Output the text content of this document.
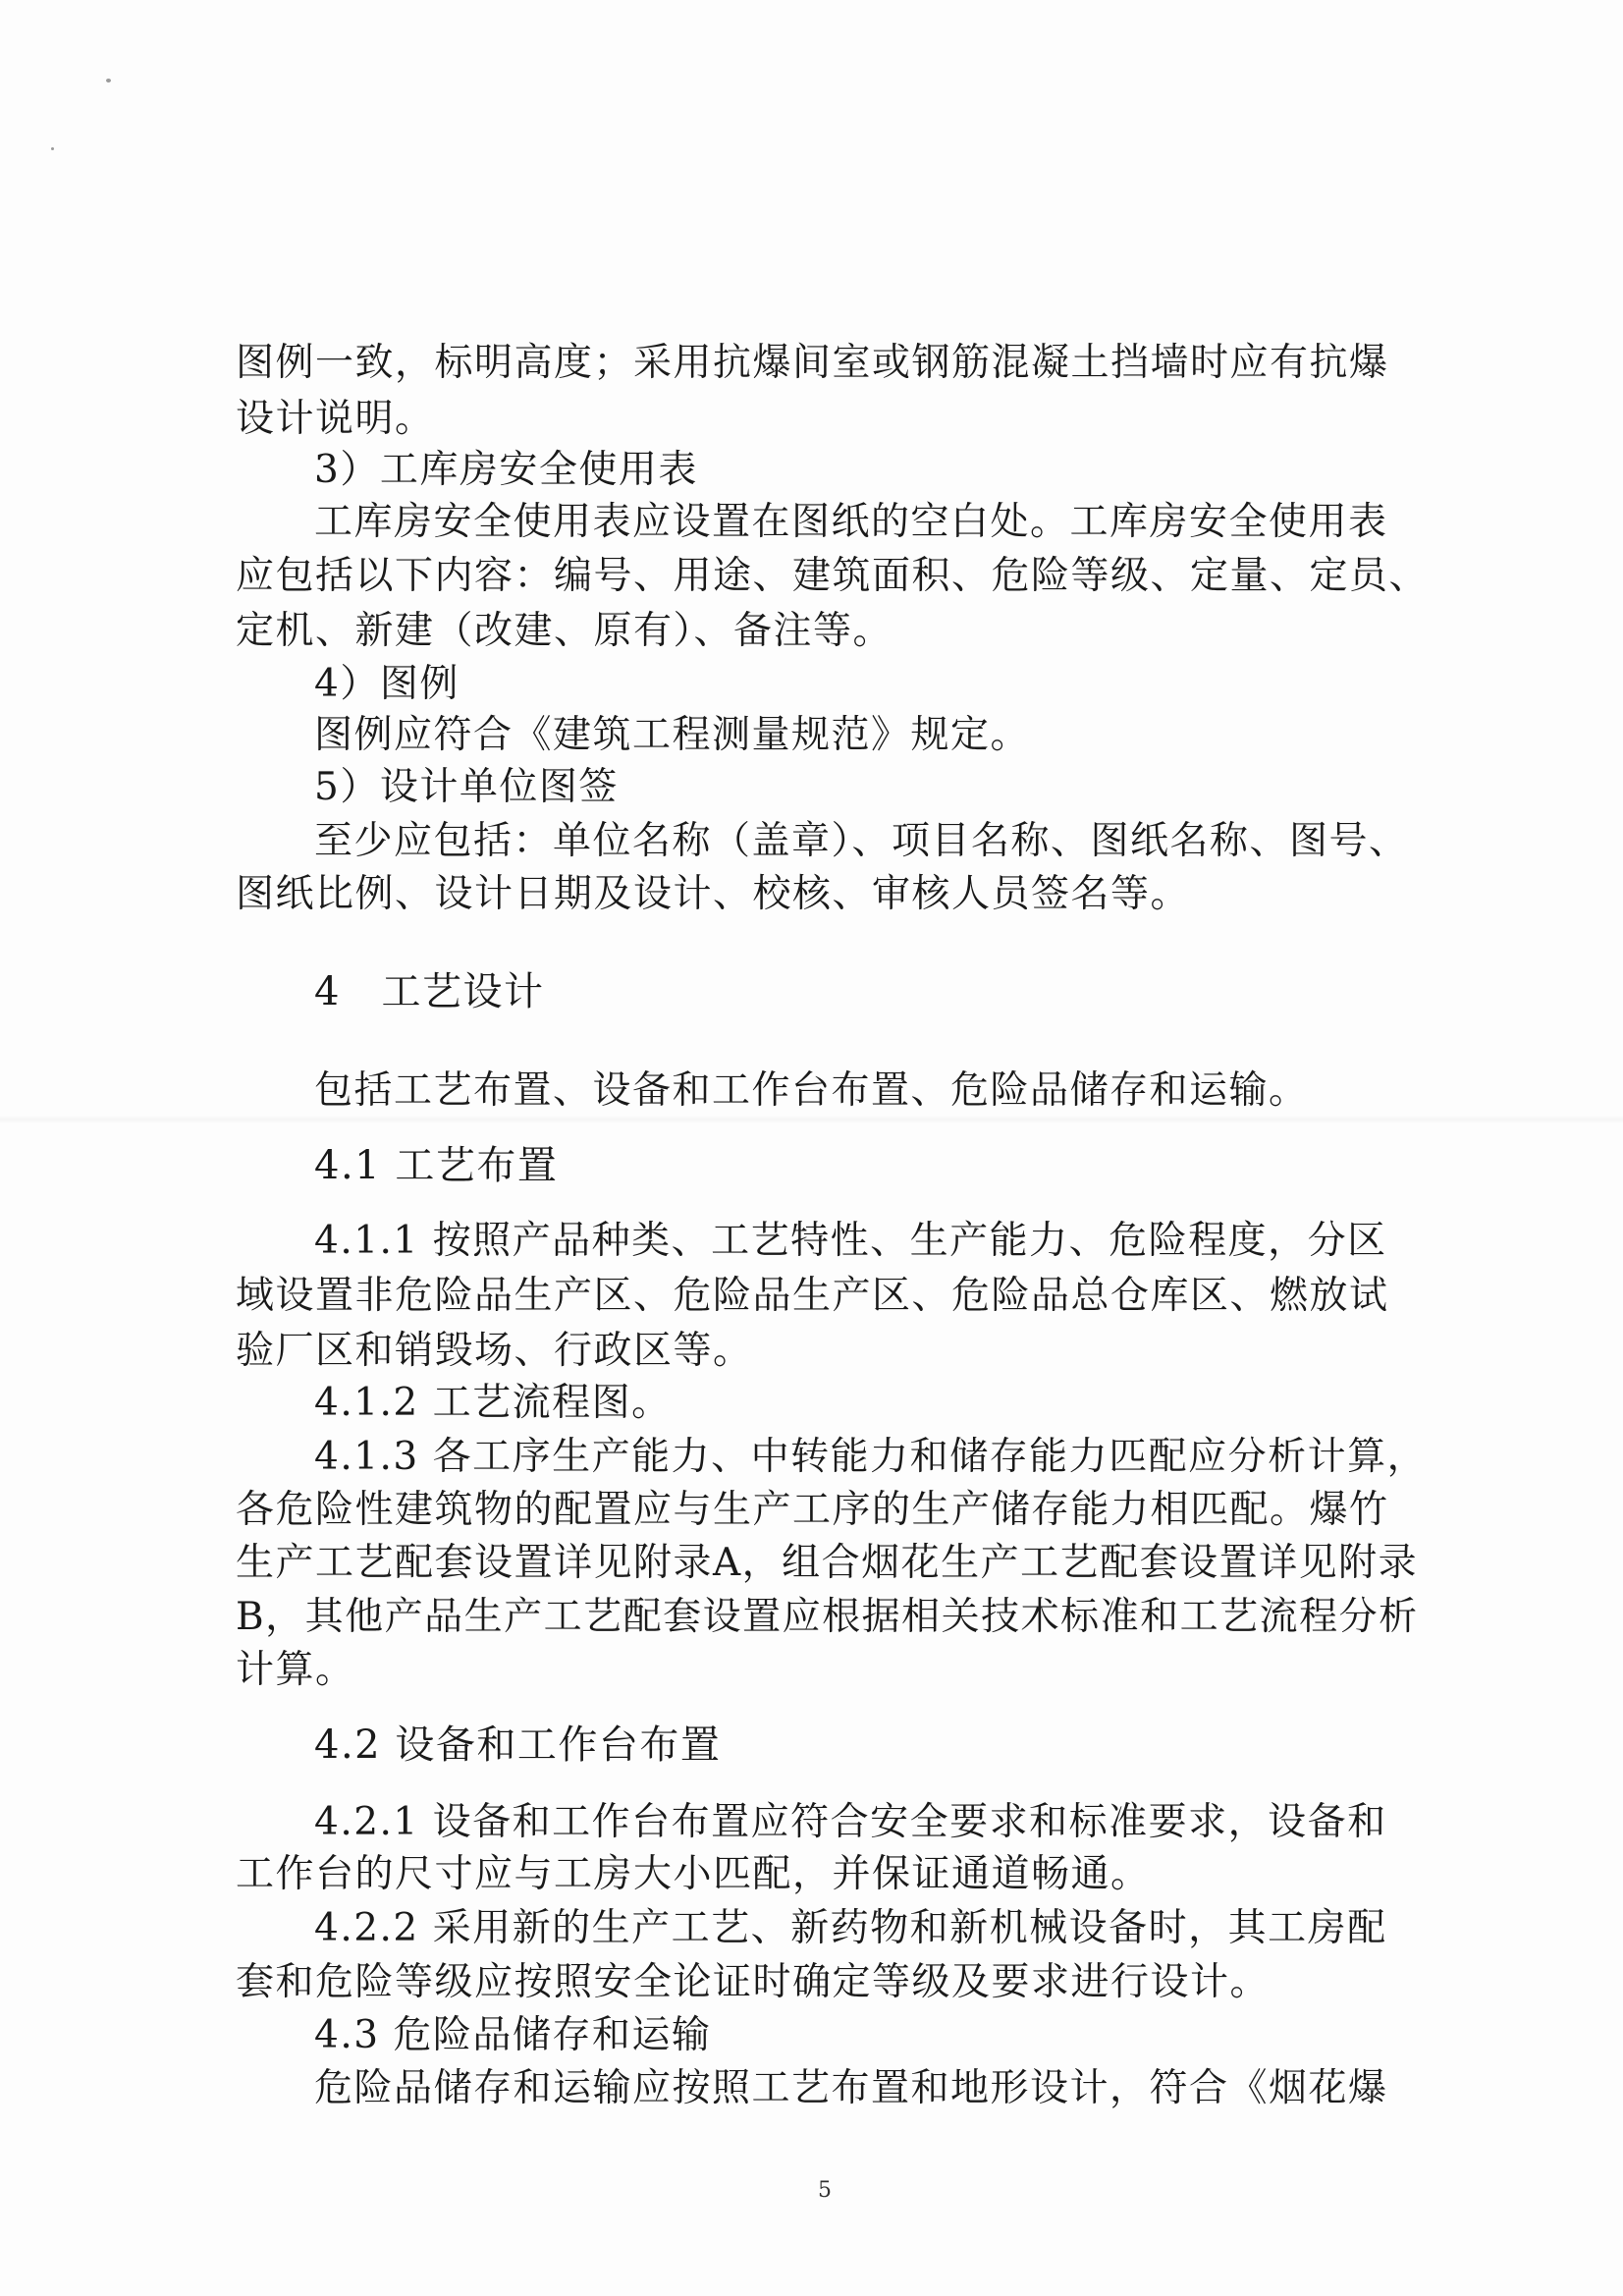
图例一致，标明高度；采用抗爆间室或钢筋混凝土挡墙时应有抗爆
设计说明。
3）工库房安全使用表
工库房安全使用表应设置在图纸的空白处。工库房安全使用表
应包括以下内容：编号、用途、建筑面积、危险等级、定量、定员、
定机、新建（改建、原有）、备注等。
4）图例
图例应符合《建筑工程测量规范》规定。
5）设计单位图签
至少应包括：单位名称（盖章）、项目名称、图纸名称、图号、
图纸比例、设计日期及设计、校核、审核人员签名等。
4　工艺设计
包括工艺布置、设备和工作台布置、危险品储存和运输。
4.1 工艺布置
4.1.1 按照产品种类、工艺特性、生产能力、危险程度，分区
域设置非危险品生产区、危险品生产区、危险品总仓库区、燃放试
验厂区和销毁场、行政区等。
4.1.2 工艺流程图。
4.1.3 各工序生产能力、中转能力和储存能力匹配应分析计算，
各危险性建筑物的配置应与生产工序的生产储存能力相匹配。爆竹
生产工艺配套设置详见附录A，组合烟花生产工艺配套设置详见附录
B，其他产品生产工艺配套设置应根据相关技术标准和工艺流程分析
计算。
4.2 设备和工作台布置
4.2.1 设备和工作台布置应符合安全要求和标准要求，设备和
工作台的尺寸应与工房大小匹配，并保证通道畅通。
4.2.2 采用新的生产工艺、新药物和新机械设备时，其工房配
套和危险等级应按照安全论证时确定等级及要求进行设计。
4.3 危险品储存和运输
危险品储存和运输应按照工艺布置和地形设计，符合《烟花爆
5
